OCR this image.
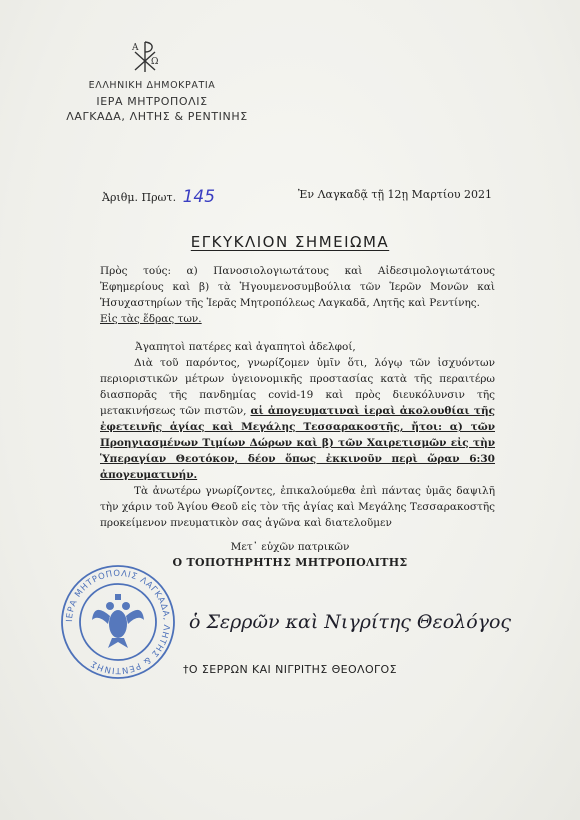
Α
Ω
ΕΛΛΗΝΙΚΗ ΔΗΜΟΚΡΑΤΙΑ
ΙΕΡΑ ΜΗΤΡΟΠΟΛΙΣ
ΛΑΓΚΑΔΑ, ΛΗΤΗΣ & ΡΕΝΤΙΝΗΣ
Ἀριθμ. Πρωτ. 145	Ἐν Λαγκαδᾷ τῇ 12ῃ Μαρτίου 2021
ΕΓΚΥΚΛΙΟΝ ΣΗΜΕΙΩΜΑ
Πρὸς τούς: α) Πανοσιολογιωτάτους καὶ Αἰδεσιμολογιωτάτους Ἐφημερίους καὶ β) τὰ Ἡγουμενοσυμβούλια τῶν Ἱερῶν Μονῶν καὶ Ἡσυχαστηρίων τῆς Ἱερᾶς Μητροπόλεως Λαγκαδᾶ, Λητῆς καὶ Ρεντίνης.
Εἰς τὰς ἕδρας των.
Ἀγαπητοὶ πατέρες καὶ ἀγαπητοὶ ἀδελφοί,
Διὰ τοῦ παρόντος, γνωρίζομεν ὑμῖν ὅτι, λόγῳ τῶν ἰσχυόντων περιοριστικῶν μέτρων ὑγειονομικῆς προστασίας κατὰ τῆς περαιτέρω διασπορᾶς τῆς πανδημίας covid-19 καὶ πρὸς διευκόλυνσιν τῆς μετακινήσεως τῶν πιστῶν, αἱ ἀπογευματιναὶ ἱεραὶ ἀκολουθίαι τῆς ἐφετεινῆς ἁγίας καὶ Μεγάλης Τεσσαρακοστῆς, ἤτοι: α) τῶν Προηγιασμένων Τιμίων Δώρων καὶ β) τῶν Χαιρετισμῶν εἰς τὴν Ὑπεραγίαν Θεοτόκον, δέον ὅπως ἐκκινοῦν περὶ ὥραν 6:30 ἀπογευματινήν.
Τὰ ἀνωτέρω γνωρίζοντες, ἐπικαλούμεθα ἐπὶ πάντας ὑμᾶς δαψιλῆ τὴν χάριν τοῦ Ἁγίου Θεοῦ εἰς τὸν τῆς ἁγίας καὶ Μεγάλης Τεσσαρακοστῆς προκείμενον πνευματικὸν σας ἀγῶνα καὶ διατελοῦμεν
Μετ᾽ εὐχῶν πατρικῶν
Ο ΤΟΠΟΤΗΡΗΤΗΣ ΜΗΤΡΟΠΟΛΙΤΗΣ
ΙΕΡΑ ΜΗΤΡΟΠΟΛΙΣ ΛΑΓΚΑΔΑ, ΛΗΤΗΣ & ΡΕΝΤΙΝΗΣ
ὁ Σερρῶν καὶ Νιγρίτης Θεολόγος
†Ο ΣΕΡΡΩΝ ΚΑΙ ΝΙΓΡΙΤΗΣ ΘΕΟΛΟΓΟΣ
